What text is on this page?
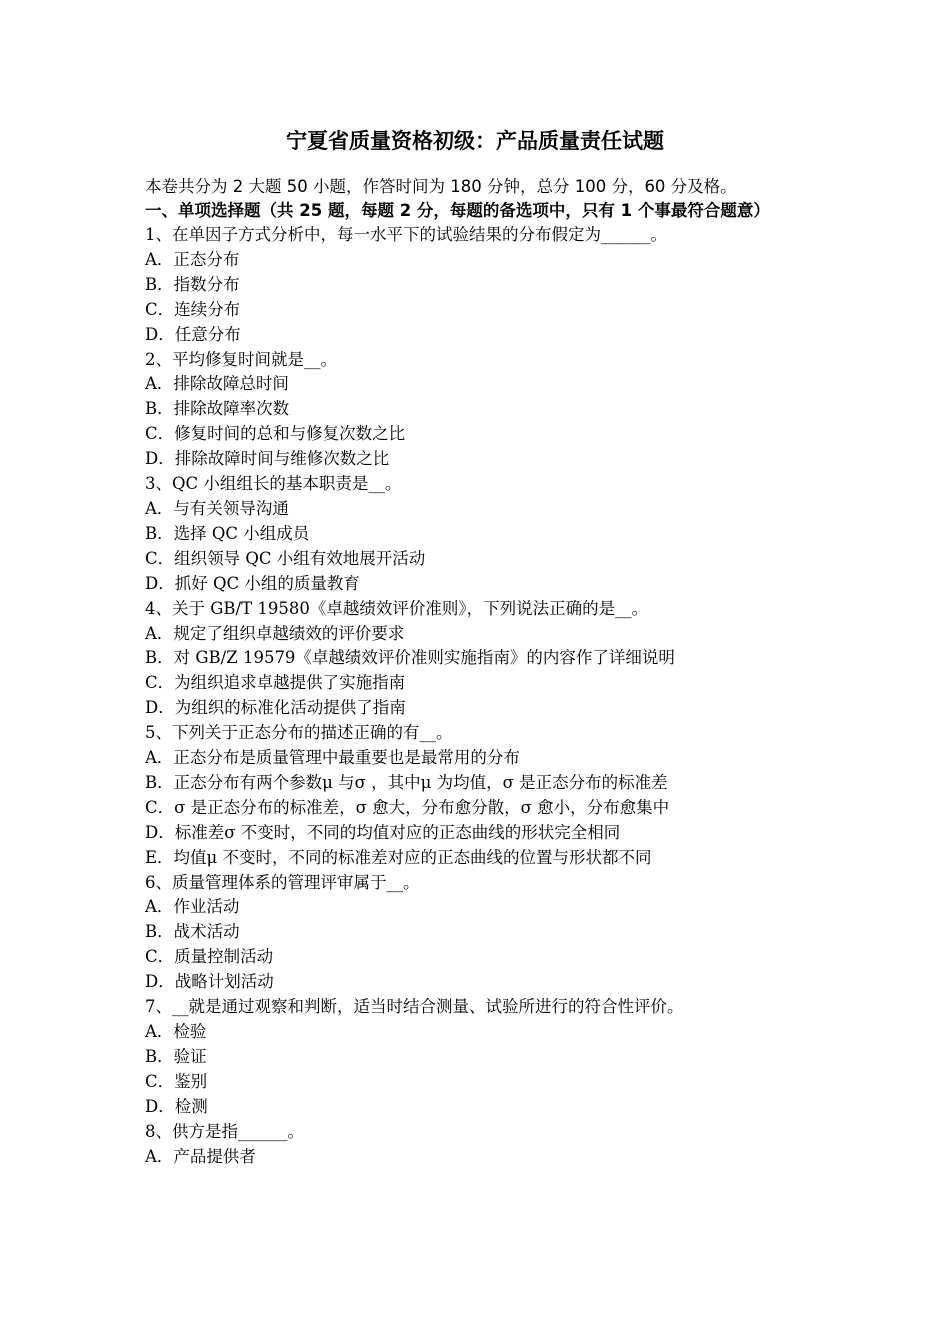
宁夏省质量资格初级：产品质量责任试题

本卷共分为 2 大题 50 小题，作答时间为 180 分钟，总分 100 分，60 分及格。

一、单项选择题（共 25 题，每题 2 分，每题的备选项中，只有 1 个事最符合题意）

1、在单因子方式分析中，每一水平下的试验结果的分布假定为______。

A．正态分布

B．指数分布

C．连续分布

D．任意分布

2、平均修复时间就是__。

A．排除故障总时间

B．排除故障率次数

C．修复时间的总和与修复次数之比

D．排除故障时间与维修次数之比

3、QC 小组组长的基本职责是__。

A．与有关领导沟通

B．选择 QC 小组成员

C．组织领导 QC 小组有效地展开活动

D．抓好 QC 小组的质量教育

4、关于 GB/T 19580《卓越绩效评价准则》，下列说法正确的是__。

A．规定了组织卓越绩效的评价要求

B．对 GB/Z 19579《卓越绩效评价准则实施指南》的内容作了详细说明

C．为组织追求卓越提供了实施指南

D．为组织的标准化活动提供了指南

5、下列关于正态分布的描述正确的有__。

A．正态分布是质量管理中最重要也是最常用的分布

B．正态分布有两个参数μ 与σ ，其中μ 为均值，σ 是正态分布的标准差

C．σ 是正态分布的标准差，σ 愈大，分布愈分散，σ 愈小，分布愈集中

D．标准差σ 不变时，不同的均值对应的正态曲线的形状完全相同

E．均值μ 不变时，不同的标准差对应的正态曲线的位置与形状都不同

6、质量管理体系的管理评审属于__。

A．作业活动

B．战术活动

C．质量控制活动

D．战略计划活动

7、__就是通过观察和判断，适当时结合测量、试验所进行的符合性评价。

A．检验

B．验证

C．鉴别

D．检测

8、供方是指______。

A．产品提供者
